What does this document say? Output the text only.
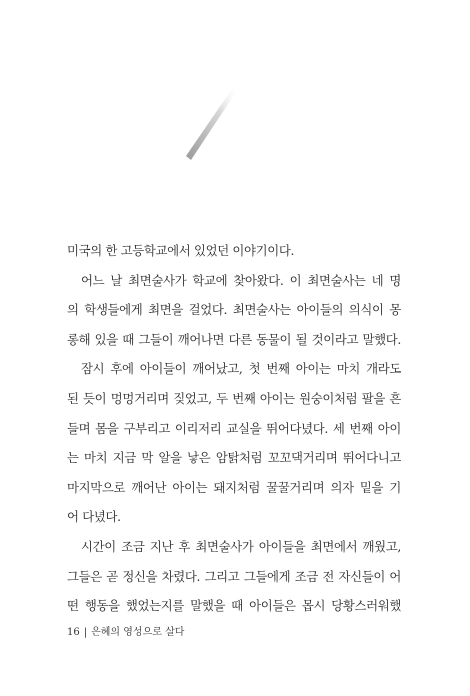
미국의 한 고등학교에서 있었던 이야기이다.
어느 날 최면술사가 학교에 찾아왔다. 이 최면술사는 네 명
의 학생들에게 최면을 걸었다. 최면술사는 아이들의 의식이 몽
롱해 있을 때 그들이 깨어나면 다른 동물이 될 것이라고 말했다.
잠시 후에 아이들이 깨어났고, 첫 번째 아이는 마치 개라도
된 듯이 멍멍거리며 짖었고, 두 번째 아이는 원숭이처럼 팔을 흔
들며 몸을 구부리고 이리저리 교실을 뛰어다녔다. 세 번째 아이
는 마치 지금 막 알을 낳은 암탉처럼 꼬꼬댁거리며 뛰어다니고
마지막으로 깨어난 아이는 돼지처럼 꿀꿀거리며 의자 밑을 기
어 다녔다.
시간이 조금 지난 후 최면술사가 아이들을 최면에서 깨웠고,
그들은 곧 정신을 차렸다. 그리고 그들에게 조금 전 자신들이 어
떤 행동을 했었는지를 말했을 때 아이들은 몹시 당황스러워했
16 | 은혜의 영성으로 살다
